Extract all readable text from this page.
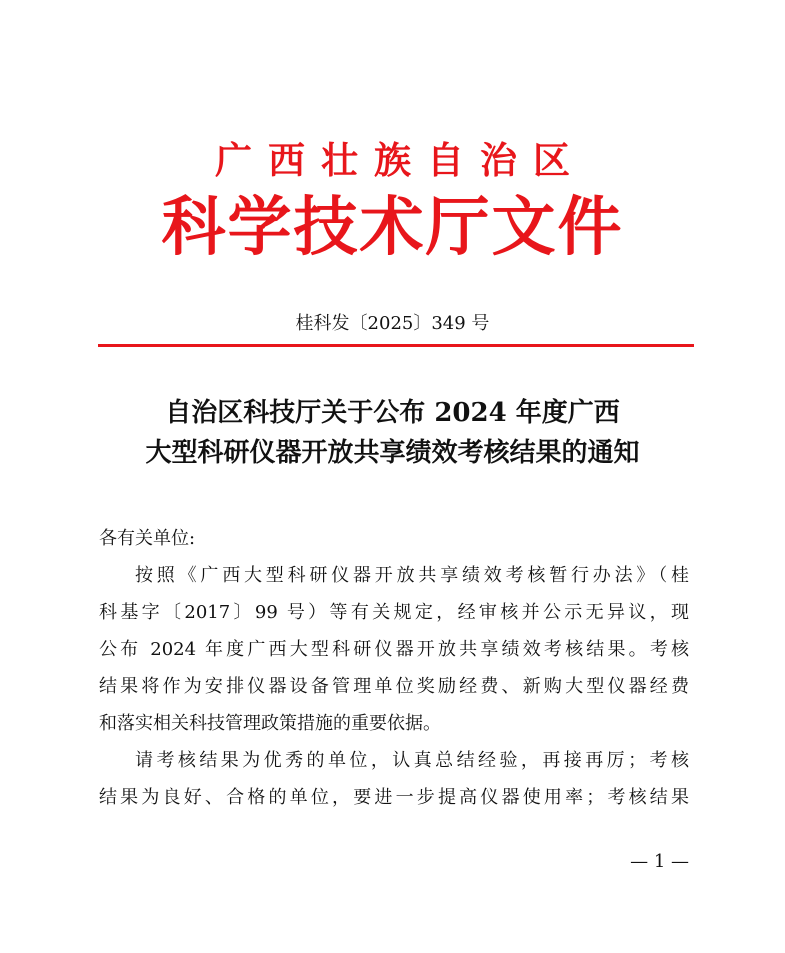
广西壮族自治区
科学技术厅文件
桂科发〔2025〕349 号
自治区科技厅关于公布 2024 年度广西
大型科研仪器开放共享绩效考核结果的通知
各有关单位:
按照《广西大型科研仪器开放共享绩效考核暂行办法》（桂
科基字〔2017〕99 号）等有关规定，经审核并公示无异议，现
公布 2024 年度广西大型科研仪器开放共享绩效考核结果。考核
结果将作为安排仪器设备管理单位奖励经费、新购大型仪器经费
和落实相关科技管理政策措施的重要依据。
请考核结果为优秀的单位，认真总结经验，再接再厉；考核
结果为良好、合格的单位，要进一步提高仪器使用率；考核结果
— 1 —
